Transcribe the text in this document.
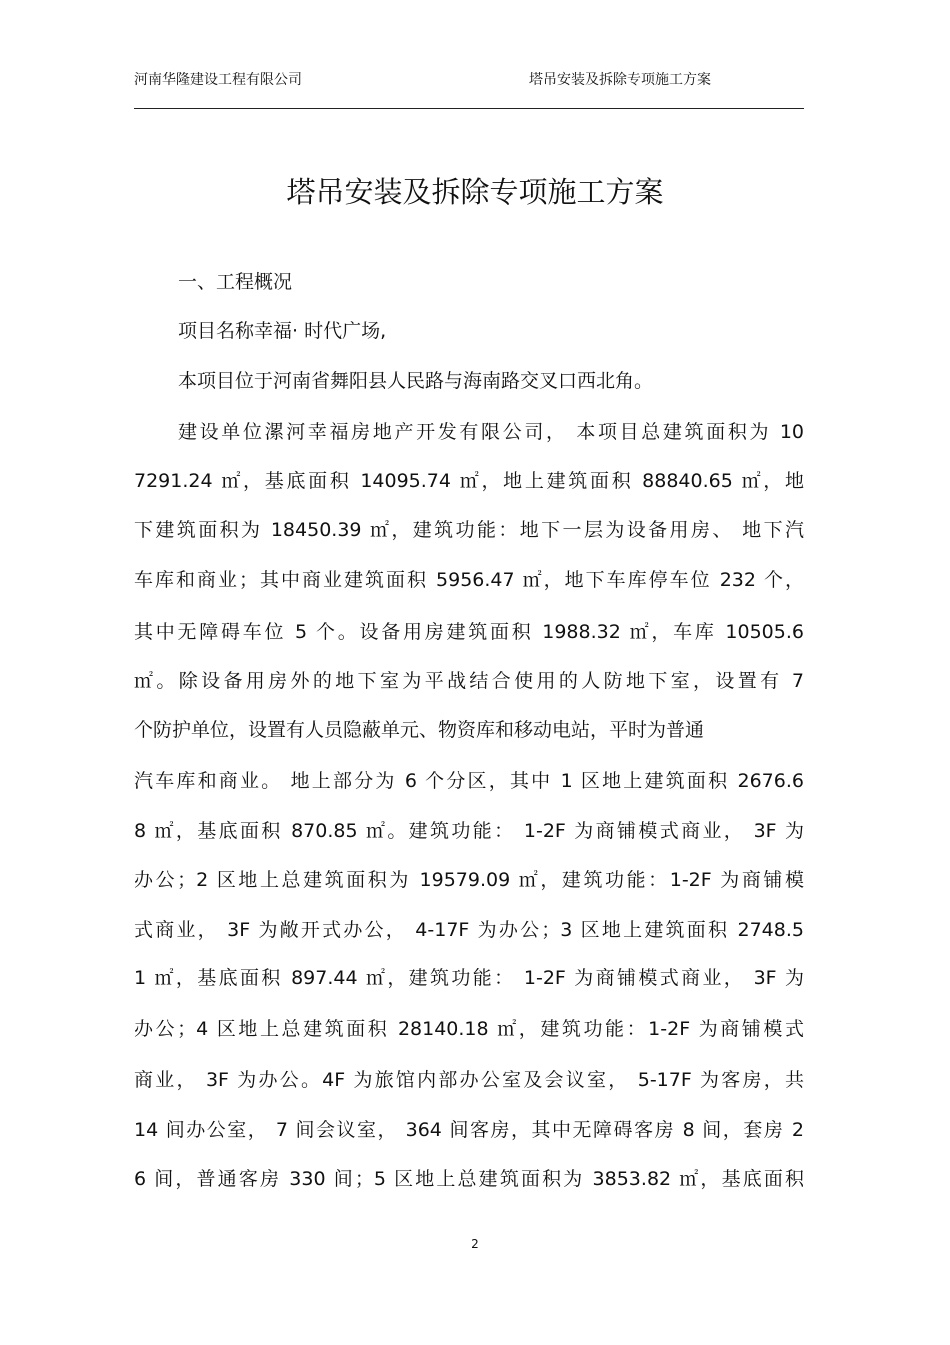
河南华隆建设工程有限公司	塔吊安装及拆除专项施工方案
塔吊安装及拆除专项施工方案
一、工程概况
项目名称幸福· 时代广场,
本项目位于河南省舞阳县人民路与海南路交叉口西北角。
建设单位漯河幸福房地产开发有限公司， 本项目总建筑面积为 10
7291.24 ㎡，基底面积 14095.74 ㎡，地上建筑面积 88840.65 ㎡，地
下建筑面积为 18450.39 ㎡，建筑功能：地下一层为设备用房、 地下汽
车库和商业；其中商业建筑面积 5956.47 ㎡，地下车库停车位 232 个，
其中无障碍车位 5 个。设备用房建筑面积 1988.32 ㎡，车库 10505.6
㎡。除设备用房外的地下室为平战结合使用的人防地下室，设置有 7
个防护单位，设置有人员隐蔽单元、物资库和移动电站，平时为普通
汽车库和商业。 地上部分为 6 个分区，其中 1 区地上建筑面积 2676.6
8 ㎡，基底面积 870.85 ㎡。建筑功能： 1-2F 为商铺模式商业， 3F 为
办公；2 区地上总建筑面积为 19579.09 ㎡，建筑功能：1-2F 为商铺模
式商业， 3F 为敞开式办公， 4-17F 为办公；3 区地上建筑面积 2748.5
1 ㎡，基底面积 897.44 ㎡，建筑功能： 1-2F 为商铺模式商业， 3F 为
办公；4 区地上总建筑面积 28140.18 ㎡，建筑功能：1-2F 为商铺模式
商业， 3F 为办公。4F 为旅馆内部办公室及会议室， 5-17F 为客房，共
14 间办公室， 7 间会议室， 364 间客房，其中无障碍客房 8 间，套房 2
6 间，普通客房 330 间；5 区地上总建筑面积为 3853.82 ㎡，基底面积
2
